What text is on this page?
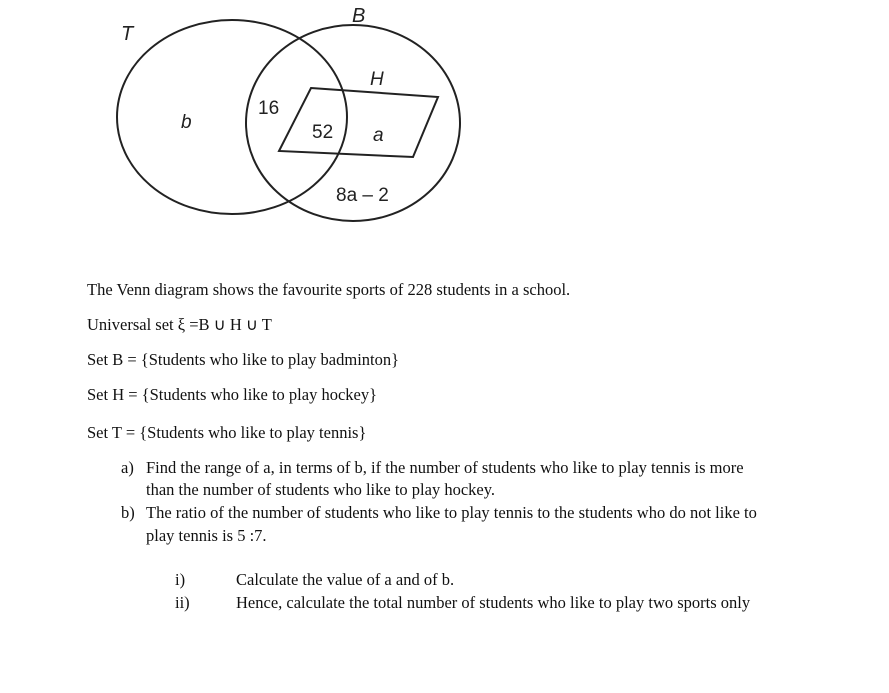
T
B
H
b
16
52 a
8a – 2
The Venn diagram shows the favourite sports of 228 students in a school.
Universal set ξ =B ∪ H ∪ T
Set B = {Students who like to play badminton}
Set H = {Students who like to play hockey}
Set T = {Students who like to play tennis}
a) Find the range of a, in terms of b, if the number of students who like to play tennis is more
than the number of students who like to play hockey.
b) The ratio of the number of students who like to play tennis to the students who do not like to
play tennis is 5 :7.
i)	Calculate the value of a and of b.
ii)	Hence, calculate the total number of students who like to play two sports only
